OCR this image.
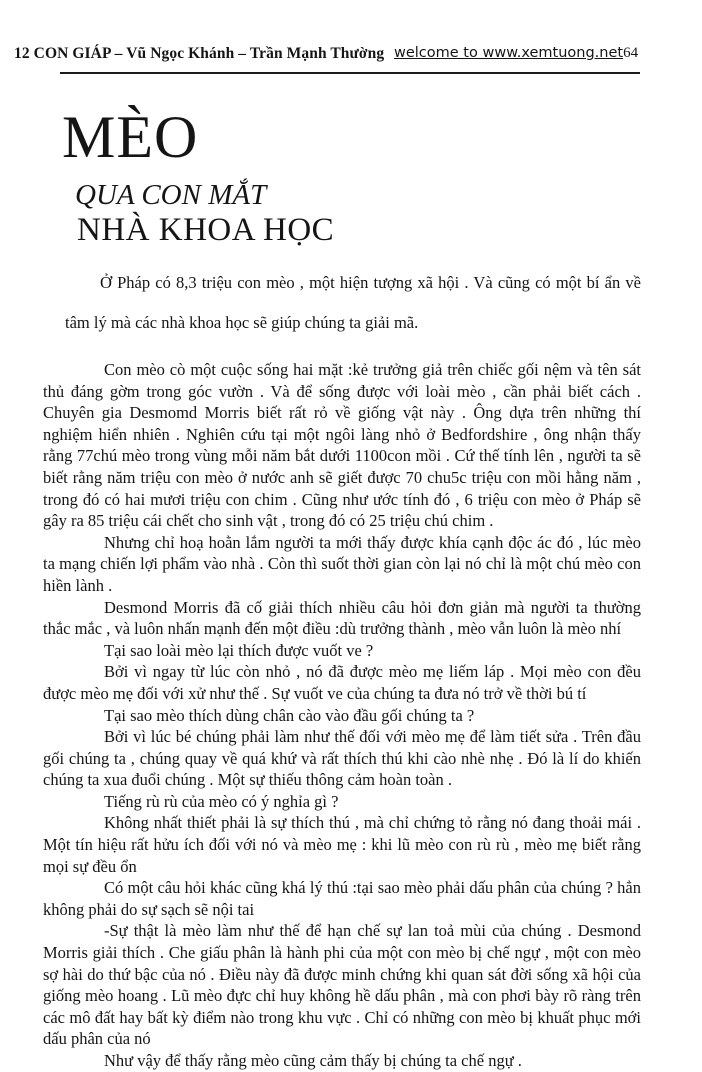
12 CON GIÁP – Vũ Ngọc Khánh – Trần Mạnh Thường welcome to www.xemtuong.net64
MÈO
QUA CON MẮT
NHÀ KHOA HỌC
Ở Pháp có 8,3 triệu con mèo , một hiện tượng xã hội . Và cũng có một bí ẩn về tâm lý mà các nhà khoa học sẽ giúp chúng ta giải mã.

Con mèo cò một cuộc sống hai mặt :kẻ trưởng giả trên chiếc gối nệm và tên sát thủ đáng gờm trong góc vườn . Và để sống được với loài mèo , cần phải biết cách . Chuyên gia Desmomd Morris biết rất rỏ về giống vật này . Ông dựa trên những thí nghiệm hiển nhiên . Nghiên cứu tại một ngôi làng nhỏ ở Bedfordshire , ông nhận thấy rằng 77chú mèo trong vùng mỗi năm bắt dưới 1100con mồi . Cứ thế tính lên , người ta sẽ biết rằng năm triệu con mèo ở nước anh sẽ giết được 70 chu5c triệu con mồi hằng năm , trong đó có hai mươi triệu con chim . Cũng như ước tính đó , 6 triệu con mèo ở Pháp sẽ gây ra 85 triệu cái chết cho sinh vật , trong đó có 25 triệu chú chim .

Nhưng chỉ hoạ hoằn lắm người ta mới thấy được khía cạnh độc ác đó , lúc mèo ta mạng chiến lợi phẩm vào nhà . Còn thì suốt thời gian còn lại nó chỉ là một chú mèo con hiền lành .

Desmond Morris đã cố giải thích nhiều câu hỏi đơn giản mà người ta thường thắc mắc , và luôn nhấn mạnh đến một điều :dù trưởng thành , mèo vẫn luôn là mèo nhí

Tại sao loài mèo lại thích được vuốt ve ?

Bởi vì ngay từ lúc còn nhỏ , nó đã được mèo mẹ liếm láp . Mọi mèo con đều được mèo mẹ đối với xử như thế . Sự vuốt ve của chúng ta đưa nó trở về thời bú tí

Tại sao mèo thích dùng chân cào vào đầu gối chúng ta ?

Bởi vì lúc bé chúng phải làm như thế đối với mèo mẹ để làm tiết sửa . Trên đầu gối chúng ta , chúng quay về quá khứ và rất thích thú khi cào nhè nhẹ . Đó là lí do khiến chúng ta xua đuổi chúng . Một sự thiếu thông cảm hoàn toàn .

Tiếng rù rù của mèo có ý nghỉa gì ?

Không nhất thiết phải là sự thích thú , mà chỉ chứng tỏ rằng nó đang thoải mái . Một tín hiệu rất hửu ích đối với nó và mèo mẹ : khi lũ mèo con rù rù , mèo mẹ biết rằng mọi sự đều ổn

Có một câu hỏi khác cũng khá lý thú :tại sao mèo phải dấu phân của chúng ? hẳn không phải do sự sạch sẽ nội tai

-Sự thật là mèo làm như thế để hạn chế sự lan toả mùi của chúng . Desmond Morris giải thích . Che giấu phân là hành phi của một con mèo bị chế ngự , một con mèo sợ hài do thứ bậc của nó . Điều này đã được minh chứng khi quan sát đời sống xã hội của giống mèo hoang . Lũ mèo đực chỉ huy không hề dấu phân , mà con phơi bày rõ ràng trên các mô đất hay bất kỳ điểm nào trong khu vực . Chỉ có những con mèo bị khuất phục mới dấu phân của nó

Như vậy để thấy rằng mèo cũng cảm thấy bị chúng ta chế ngự .
